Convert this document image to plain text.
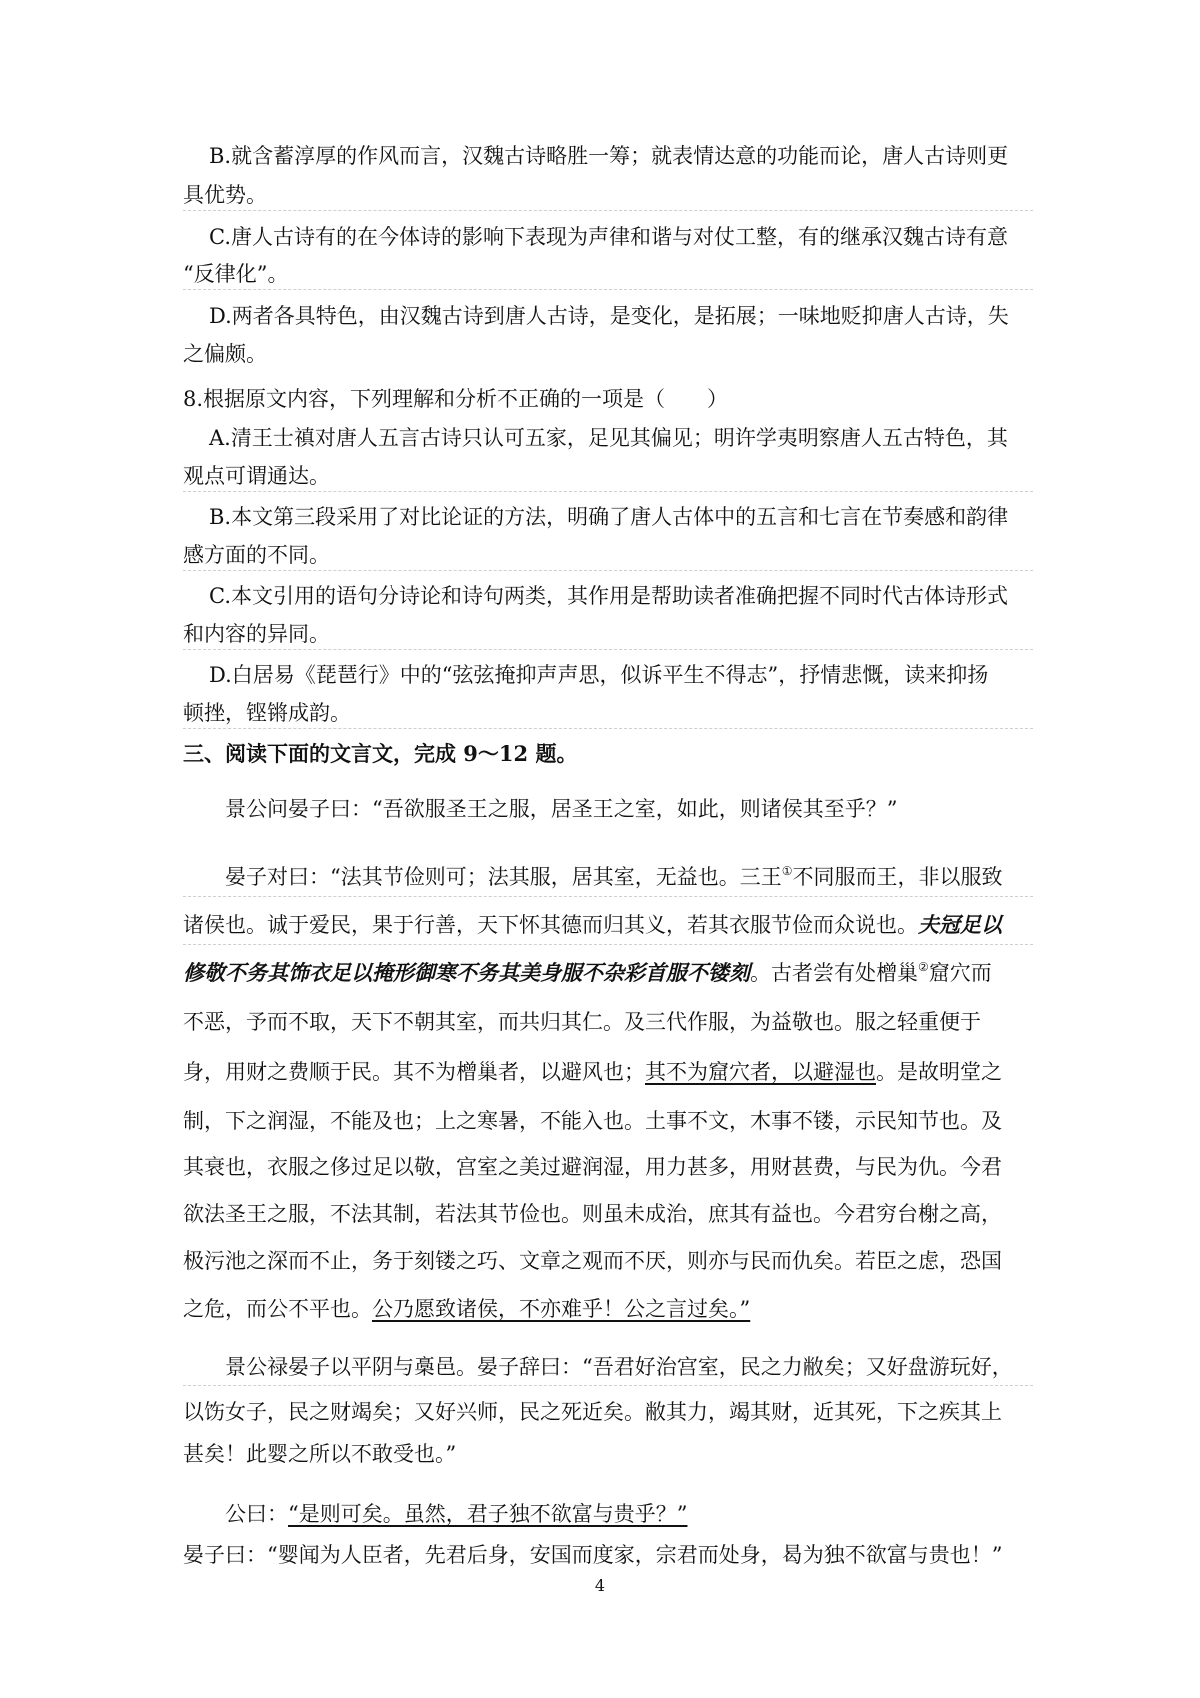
B.就含蓄淳厚的作风而言，汉魏古诗略胜一筹；就表情达意的功能而论，唐人古诗则更
具优势。
C.唐人古诗有的在今体诗的影响下表现为声律和谐与对仗工整，有的继承汉魏古诗有意
“反律化”。
D.两者各具特色，由汉魏古诗到唐人古诗，是变化，是拓展；一味地贬抑唐人古诗，失
之偏颇。
8.根据原文内容，下列理解和分析不正确的一项是（　　）
A.清王士禛对唐人五言古诗只认可五家，足见其偏见；明许学夷明察唐人五古特色，其
观点可谓通达。
B.本文第三段采用了对比论证的方法，明确了唐人古体中的五言和七言在节奏感和韵律
感方面的不同。
C.本文引用的语句分诗论和诗句两类，其作用是帮助读者准确把握不同时代古体诗形式
和内容的异同。
D.白居易《琵琶行》中的“弦弦掩抑声声思，似诉平生不得志”，抒情悲慨，读来抑扬
顿挫，铿锵成韵。
三、阅读下面的文言文，完成 9～12 题。
景公问晏子曰：“吾欲服圣王之服，居圣王之室，如此，则诸侯其至乎？”
晏子对曰：“法其节俭则可；法其服，居其室，无益也。三王①不同服而王，非以服致
诸侯也。诚于爱民，果于行善，天下怀其德而归其义，若其衣服节俭而众说也。夫冠足以
修敬不务其饰衣足以掩形御寒不务其美身服不杂彩首服不镂刻。古者尝有处橧巢②窟穴而
不恶，予而不取，天下不朝其室，而共归其仁。及三代作服，为益敬也。服之轻重便于
身，用财之费顺于民。其不为橧巢者，以避风也；其不为窟穴者，以避湿也。是故明堂之
制，下之润湿，不能及也；上之寒暑，不能入也。土事不文，木事不镂，示民知节也。及
其衰也，衣服之侈过足以敬，宫室之美过避润湿，用力甚多，用财甚费，与民为仇。今君
欲法圣王之服，不法其制，若法其节俭也。则虽未成治，庶其有益也。今君穷台榭之高，
极污池之深而不止，务于刻镂之巧、文章之观而不厌，则亦与民而仇矣。若臣之虑，恐国
之危，而公不平也。公乃愿致诸侯，不亦难乎！公之言过矣。”
景公禄晏子以平阴与槀邑。晏子辞曰：“吾君好治宫室，民之力敝矣；又好盘游玩好，
以饬女子，民之财竭矣；又好兴师，民之死近矣。敝其力，竭其财，近其死，下之疾其上
甚矣！此婴之所以不敢受也。”
公曰：“是则可矣。虽然，君子独不欲富与贵乎？”
晏子曰：“婴闻为人臣者，先君后身，安国而度家，宗君而处身，曷为独不欲富与贵也！”
4
